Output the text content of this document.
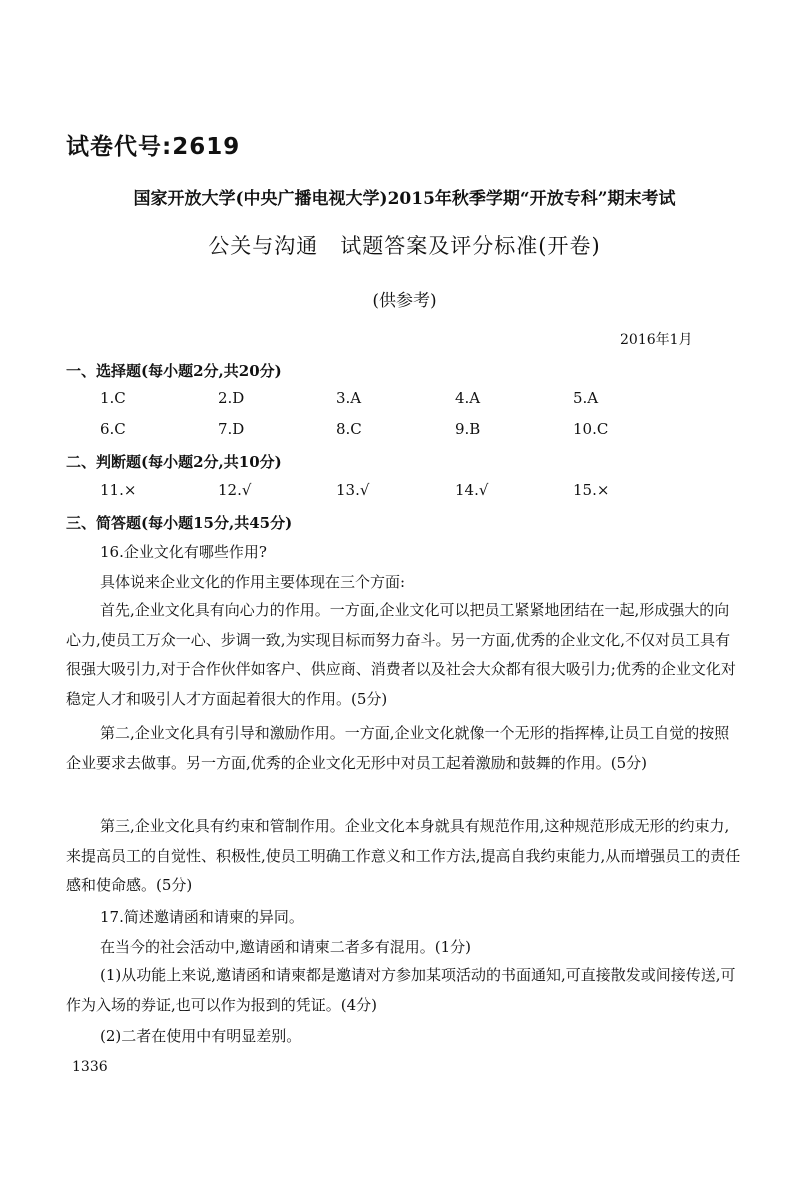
试卷代号:2619
国家开放大学(中央广播电视大学)2015年秋季学期“开放专科”期末考试
公关与沟通　试题答案及评分标准(开卷)
(供参考)
2016年1月
一、选择题(每小题2分,共20分)
1.C	2.D	3.A	4.A	5.A
6.C	7.D	8.C	9.B	10.C
二、判断题(每小题2分,共10分)
11.×	12.√	13.√	14.√	15.×
三、简答题(每小题15分,共45分)
16.企业文化有哪些作用?
具体说来企业文化的作用主要体现在三个方面:
首先,企业文化具有向心力的作用。一方面,企业文化可以把员工紧紧地团结在一起,形成强大的向心力,使员工万众一心、步调一致,为实现目标而努力奋斗。另一方面,优秀的企业文化,不仅对员工具有很强大吸引力,对于合作伙伴如客户、供应商、消费者以及社会大众都有很大吸引力;优秀的企业文化对稳定人才和吸引人才方面起着很大的作用。(5分)
第二,企业文化具有引导和激励作用。一方面,企业文化就像一个无形的指挥棒,让员工自觉的按照企业要求去做事。另一方面,优秀的企业文化无形中对员工起着激励和鼓舞的作用。(5分)
第三,企业文化具有约束和管制作用。企业文化本身就具有规范作用,这种规范形成无形的约束力,来提高员工的自觉性、积极性,使员工明确工作意义和工作方法,提高自我约束能力,从而增强员工的责任感和使命感。(5分)
17.简述邀请函和请柬的异同。
在当今的社会活动中,邀请函和请柬二者多有混用。(1分)
(1)从功能上来说,邀请函和请柬都是邀请对方参加某项活动的书面通知,可直接散发或间接传送,可作为入场的券证,也可以作为报到的凭证。(4分)
(2)二者在使用中有明显差别。
1336
